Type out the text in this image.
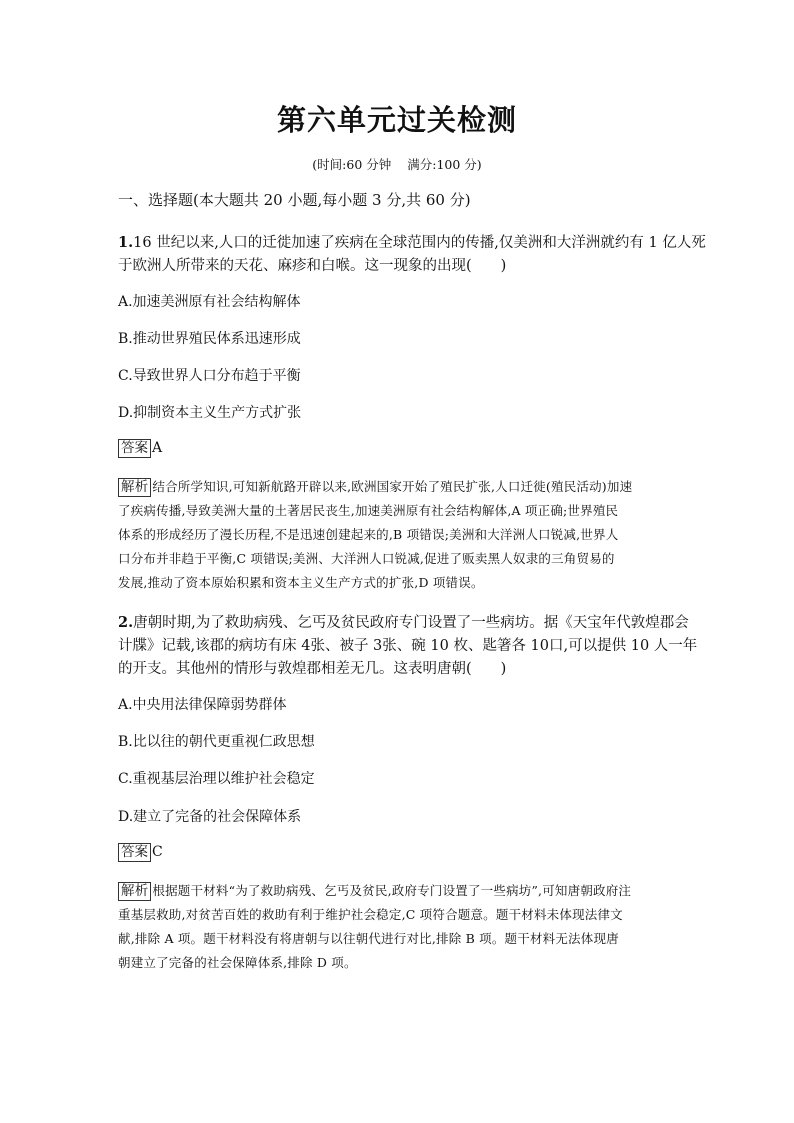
第六单元过关检测
(时间:60 分钟 满分:100 分)
一、选择题(本大题共 20 小题,每小题 3 分,共 60 分)
1.16 世纪以来,人口的迁徙加速了疾病在全球范围内的传播,仅美洲和大洋洲就约有 1 亿人死
于欧洲人所带来的天花、麻疹和白喉。这一现象的出现(　　)
A.加速美洲原有社会结构解体
B.推动世界殖民体系迅速形成
C.导致世界人口分布趋于平衡
D.抑制资本主义生产方式扩张
答案 A
解析 结合所学知识,可知新航路开辟以来,欧洲国家开始了殖民扩张,人口迁徙(殖民活动)加速
了疾病传播,导致美洲大量的土著居民丧生,加速美洲原有社会结构解体,A 项正确;世界殖民
体系的形成经历了漫长历程,不是迅速创建起来的,B 项错误;美洲和大洋洲人口锐减,世界人
口分布并非趋于平衡,C 项错误;美洲、大洋洲人口锐减,促进了贩卖黑人奴隶的三角贸易的
发展,推动了资本原始积累和资本主义生产方式的扩张,D 项错误。
2.唐朝时期,为了救助病残、乞丐及贫民政府专门设置了一些病坊。据《天宝年代敦煌郡会
计牒》记载,该郡的病坊有床 4张、被子 3张、碗 10 枚、匙箸各 10口,可以提供 10 人一年
的开支。其他州的情形与敦煌郡相差无几。这表明唐朝(　　)
A.中央用法律保障弱势群体
B.比以往的朝代更重视仁政思想
C.重视基层治理以维护社会稳定
D.建立了完备的社会保障体系
答案 C
解析 根据题干材料“为了救助病残、乞丐及贫民,政府专门设置了一些病坊”,可知唐朝政府注
重基层救助,对贫苦百姓的救助有利于维护社会稳定,C 项符合题意。题干材料未体现法律文
献,排除 A 项。题干材料没有将唐朝与以往朝代进行对比,排除 B 项。题干材料无法体现唐
朝建立了完备的社会保障体系,排除 D 项。
